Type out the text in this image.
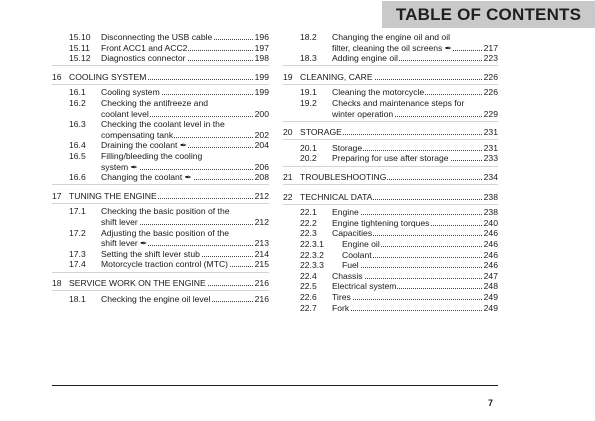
TABLE OF CONTENTS
15.10 Disconnecting the USB cable	196
15.11 Front ACC1 and ACC2	197
15.12 Diagnostics connector	198
16 COOLING SYSTEM	199
16.1 Cooling system	199
16.2 Checking the antifreeze and
coolant level	200
16.3 Checking the coolant level in the
compensating tank	202
16.4 Draining the coolant ✒	204
16.5 Filling/bleeding the cooling
system ✒	206
16.6 Changing the coolant ✒	208
17 TUNING THE ENGINE	212
17.1 Checking the basic position of the
shift lever	212
17.2 Adjusting the basic position of the
shift lever ✒	213
17.3 Setting the shift lever stub	214
17.4 Motorcycle traction control (MTC)	215
18 SERVICE WORK ON THE ENGINE	216
18.1 Checking the engine oil level	216
18.2 Changing the engine oil and oil
filter, cleaning the oil screens ✒	217
18.3 Adding engine oil	223
19 CLEANING, CARE	226
19.1 Cleaning the motorcycle	226
19.2 Checks and maintenance steps for
winter operation	229
20 STORAGE	231
20.1 Storage	231
20.2 Preparing for use after storage	233
21 TROUBLESHOOTING	234
22 TECHNICAL DATA	238
22.1 Engine	238
22.2 Engine tightening torques	240
22.3 Capacities	246
22.3.1 Engine oil	246
22.3.2 Coolant	246
22.3.3 Fuel	246
22.4 Chassis	247
22.5 Electrical system	248
22.6 Tires	249
22.7 Fork	249
7
